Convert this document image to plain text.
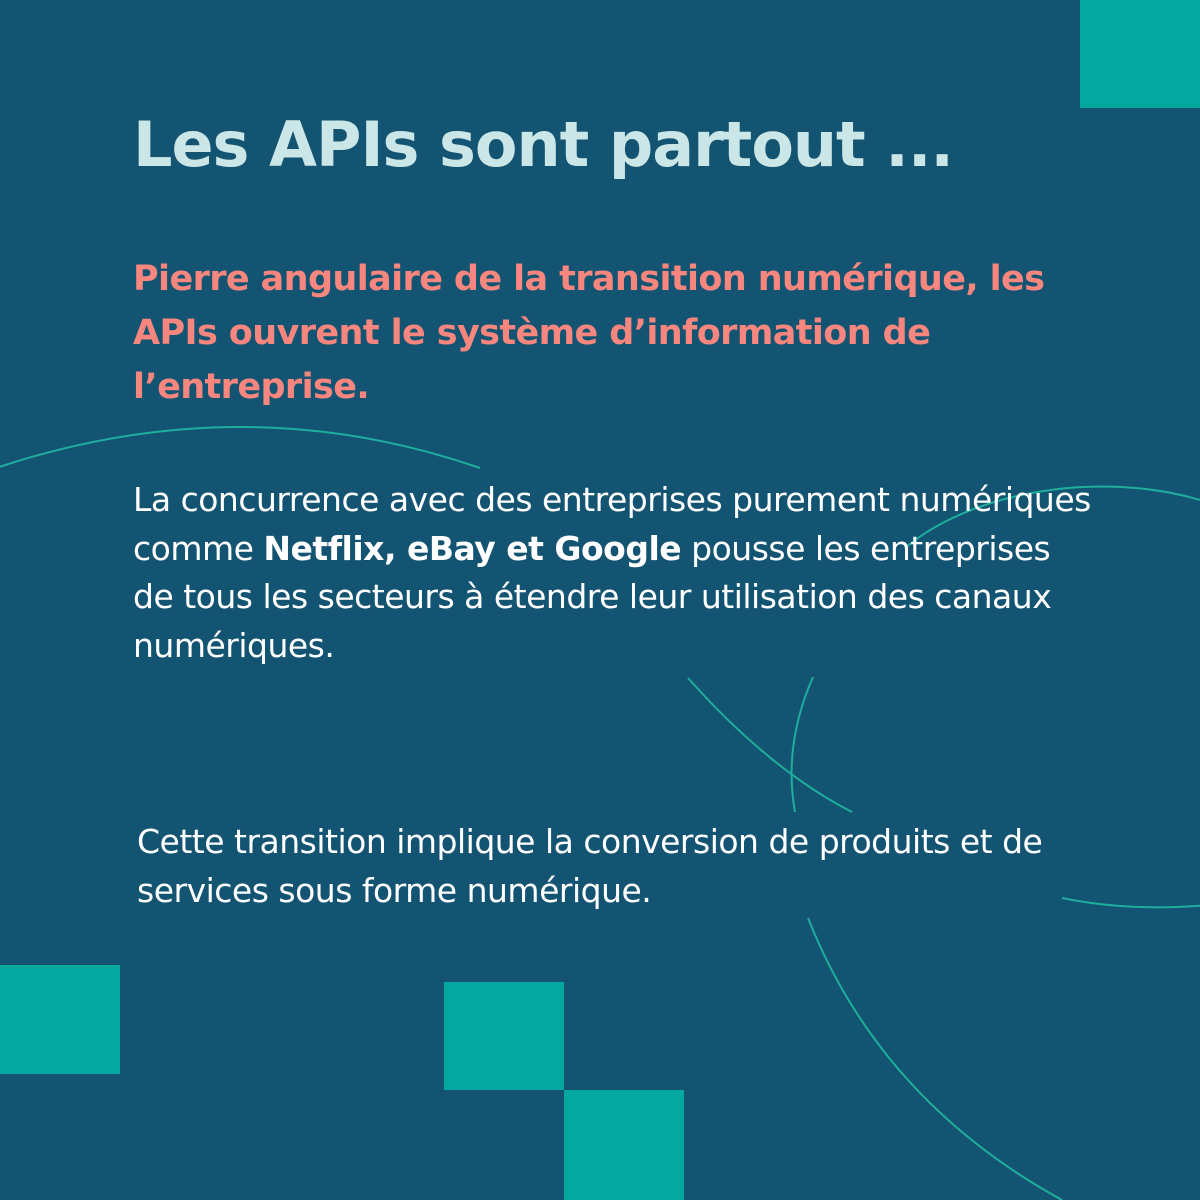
Les APIs sont partout ...

Pierre angulaire de la transition numérique, les APIs ouvrent le système d’information de l’entreprise.

La concurrence avec des entreprises purement numériques comme Netflix, eBay et Google pousse les entreprises de tous les secteurs à étendre leur utilisation des canaux numériques.

Cette transition implique la conversion de produits et de services sous forme numérique.
